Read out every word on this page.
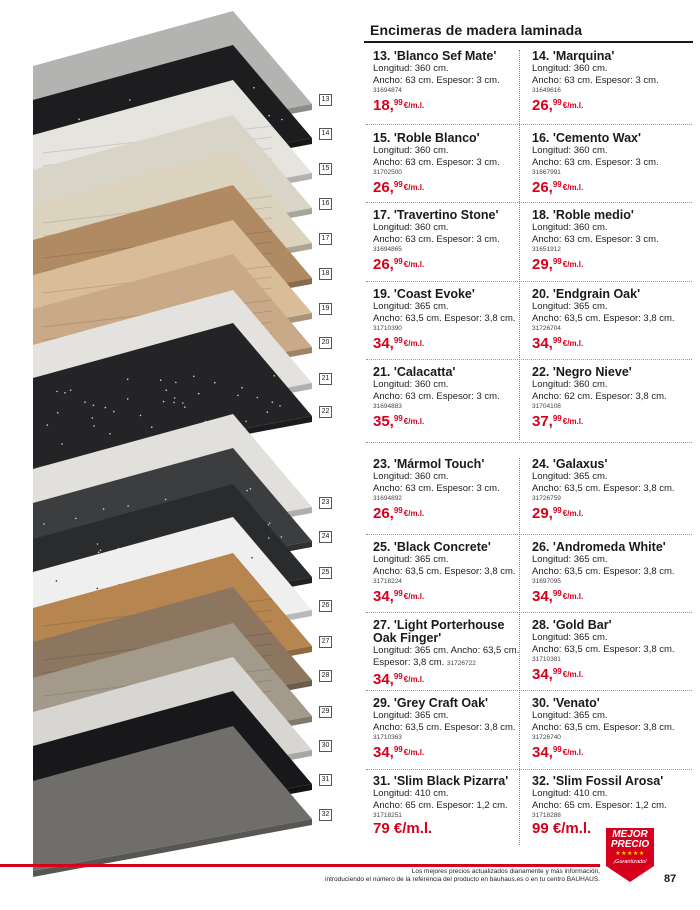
13
14
15
16
17
18
19
20
21
22
23
24
25
26
27
28
29
30
31
32
Encimeras de madera laminada
13. 'Blanco Sef Mate'
Longitud: 360 cm.
Ancho: 63 cm. Espesor: 3 cm.
31694874
18,99€/m.l.
14. 'Marquina'
Longitud: 360 cm.
Ancho: 63 cm. Espesor: 3 cm.
31649616
26,99€/m.l.
15. 'Roble Blanco'
Longitud: 360 cm.
Ancho: 63 cm. Espesor: 3 cm.
31702500
26,99€/m.l.
16. 'Cemento Wax'
Longitud: 360 cm.
Ancho: 63 cm. Espesor: 3 cm.
31667991
26,99€/m.l.
17. 'Travertino Stone'
Longitud: 360 cm.
Ancho: 63 cm. Espesor: 3 cm.
31694865
26,99€/m.l.
18. 'Roble medio'
Longitud: 360 cm.
Ancho: 63 cm. Espesor: 3 cm.
31651912
29,99€/m.l.
19. 'Coast Evoke'
Longitud: 365 cm.
Ancho: 63,5 cm. Espesor: 3,8 cm.
31710390
34,99€/m.l.
20. 'Endgrain Oak'
Longitud: 365 cm.
Ancho: 63,5 cm. Espesor: 3,8 cm.
31726704
34,99€/m.l.
21. 'Calacatta'
Longitud: 360 cm.
Ancho: 63 cm. Espesor: 3 cm.
31694883
35,99€/m.l.
22. 'Negro Nieve'
Longitud: 360 cm.
Ancho: 62 cm. Espesor: 3,8 cm.
31704108
37,99€/m.l.
23. 'Mármol Touch'
Longitud: 360 cm.
Ancho: 63 cm. Espesor: 3 cm.
31694892
26,99€/m.l.
24. 'Galaxus'
Longitud: 365 cm.
Ancho: 63,5 cm. Espesor: 3,8 cm.
31726759
29,99€/m.l.
25. 'Black Concrete'
Longitud: 365 cm.
Ancho: 63,5 cm. Espesor: 3,8 cm.
31718224
34,99€/m.l.
26. 'Andromeda White'
Longitud: 365 cm.
Ancho: 63,5 cm. Espesor: 3,8 cm.
31697095
34,99€/m.l.
27. 'Light Porterhouse
Oak Finger'
Longitud: 365 cm. Ancho: 63,5 cm.
Espesor: 3,8 cm. 31726722
34,99€/m.l.
28. 'Gold Bar'
Longitud: 365 cm.
Ancho: 63,5 cm. Espesor: 3,8 cm.
31710381
34,99€/m.l.
29. 'Grey Craft Oak'
Longitud: 365 cm.
Ancho: 63,5 cm. Espesor: 3,8 cm.
31710363
34,99€/m.l.
30. 'Venato'
Longitud: 365 cm.
Ancho: 63,5 cm. Espesor: 3,8 cm.
31726740
34,99€/m.l.
31. 'Slim Black Pizarra'
Longitud: 410 cm.
Ancho: 65 cm. Espesor: 1,2 cm.
31718251
79 €/m.l.
32. 'Slim Fossil Arosa'
Longitud: 410 cm.
Ancho: 65 cm. Espesor: 1,2 cm.
31718288
99 €/m.l.	MEJOR
PRECIO
★★★★★
¡Garantizado!
Los mejores precios actualizados diariamente y más información,
introduciendo el número de la referencia del producto en bauhaus.es o en tu centro BAUHAUS.	87
